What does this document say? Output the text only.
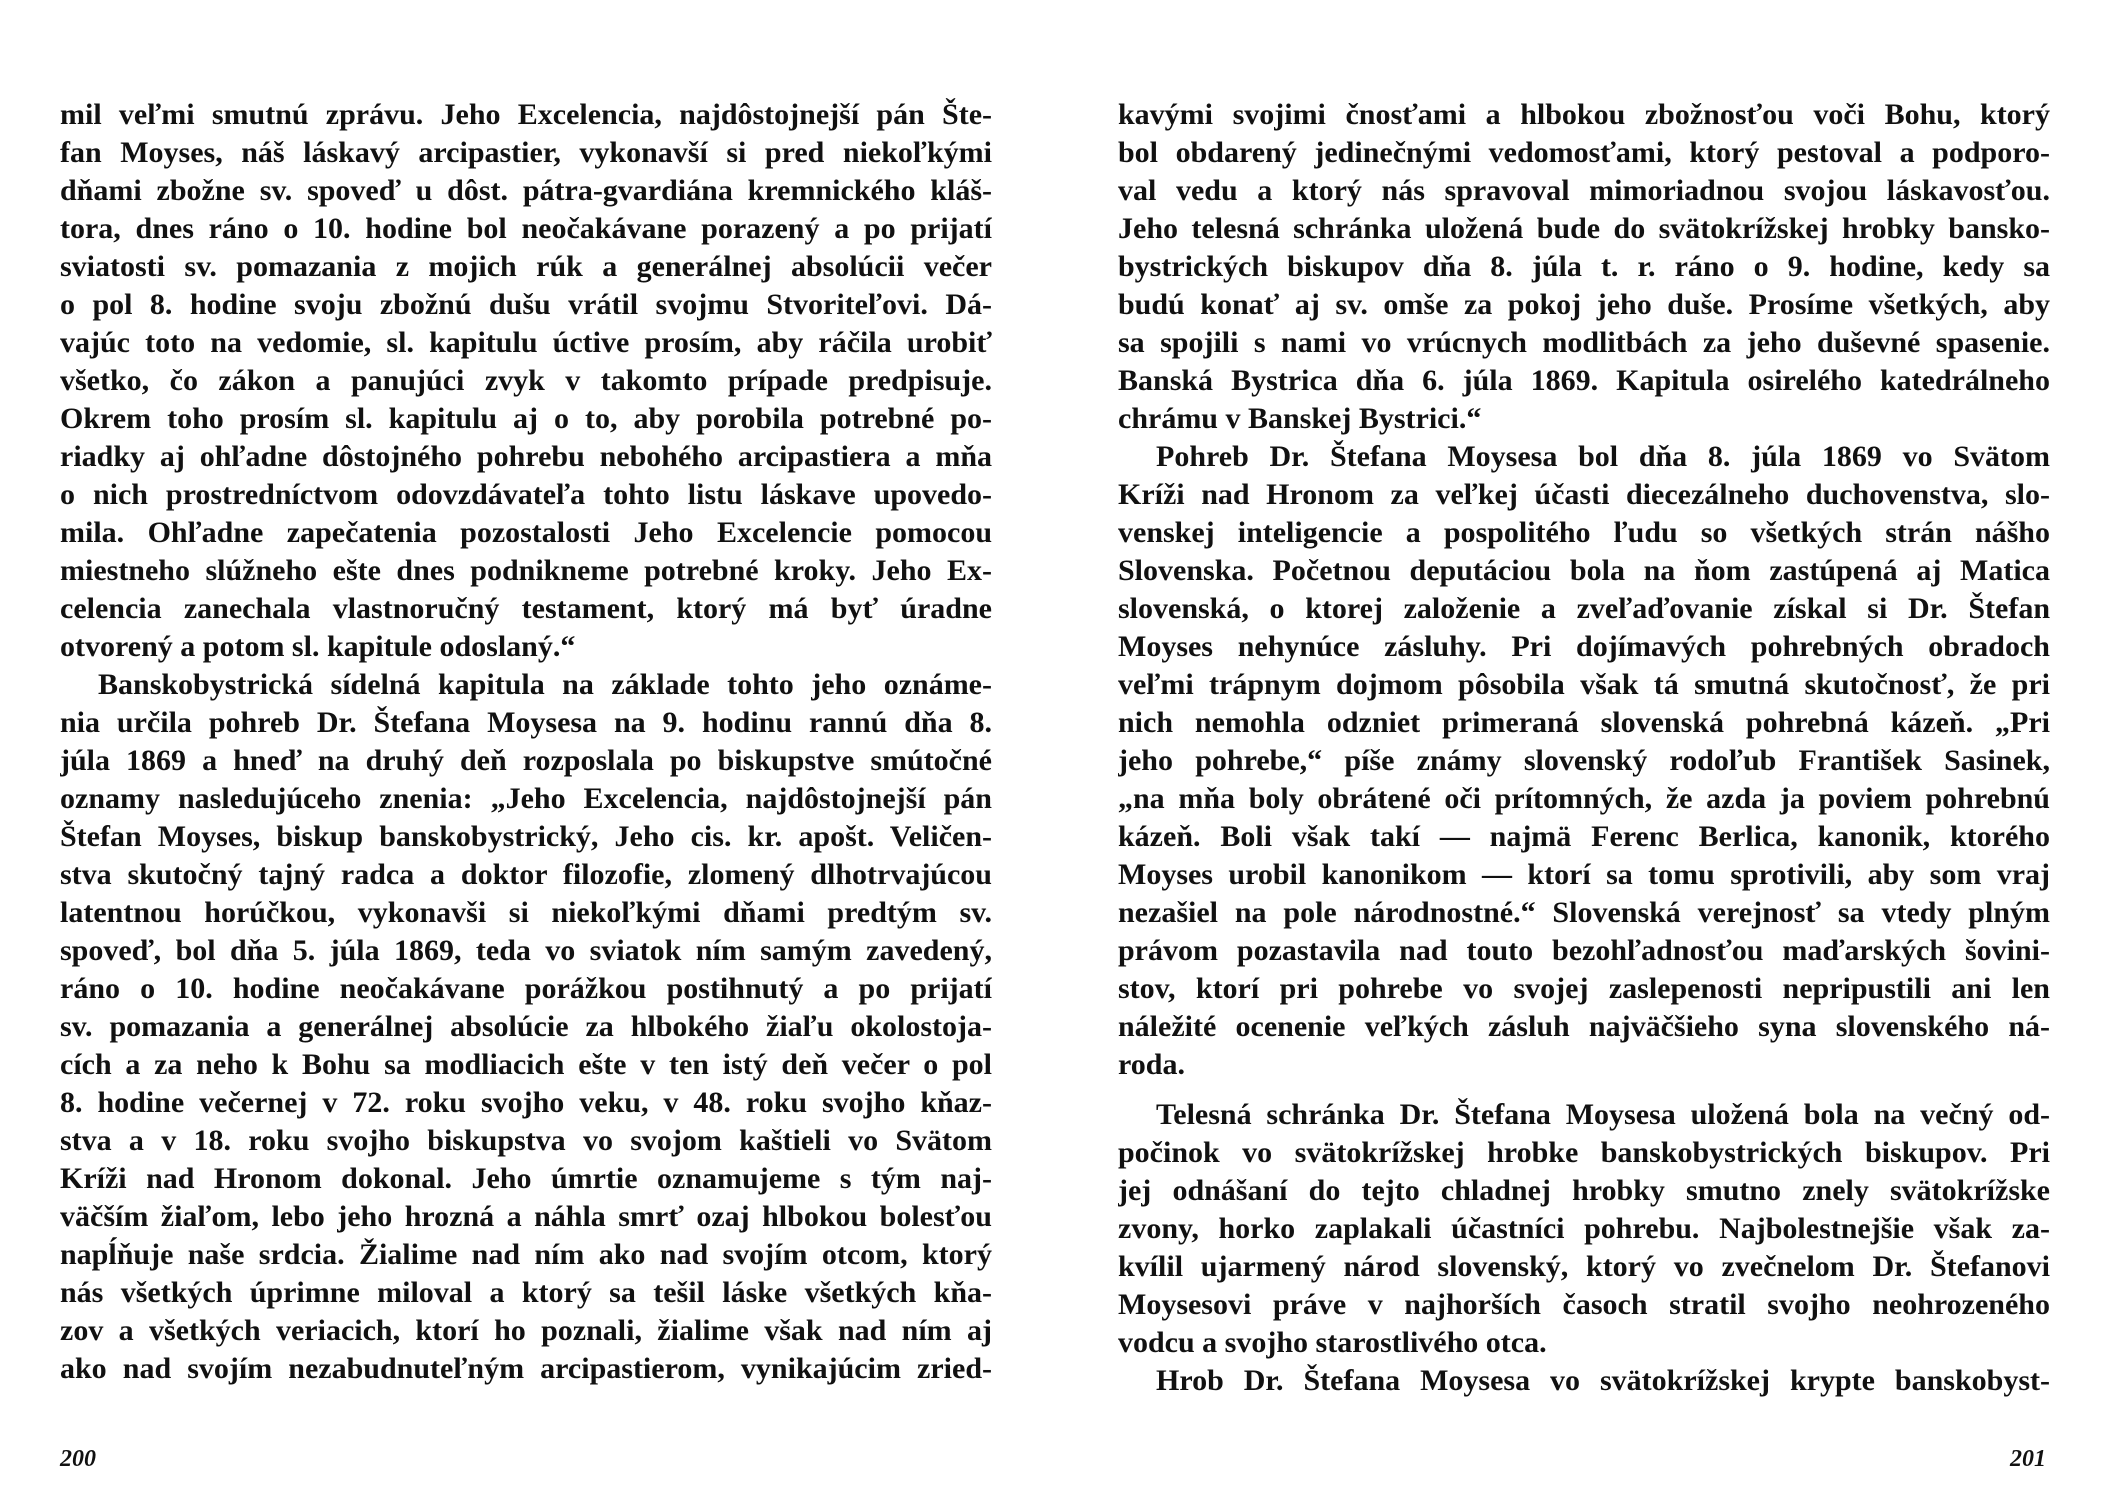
mil veľmi smutnú zprávu. Jeho Excelencia, najdôstojnejší pán Šte-
fan Moyses, náš láskavý arcipastier, vykonavší si pred niekoľkými
dňami zbožne sv. spoveď u dôst. pátra-gvardiána kremnického kláš-
tora, dnes ráno o 10. hodine bol neočakávane porazený a po prijatí
sviatosti sv. pomazania z mojich rúk a generálnej absolúcii večer
o pol 8. hodine svoju zbožnú dušu vrátil svojmu Stvoriteľovi. Dá-
vajúc toto na vedomie, sl. kapitulu úctive prosím, aby ráčila urobiť
všetko, čo zákon a panujúci zvyk v takomto prípade predpisuje.
Okrem toho prosím sl. kapitulu aj o to, aby porobila potrebné po-
riadky aj ohľadne dôstojného pohrebu nebohého arcipastiera a mňa
o nich prostredníctvom odovzdávateľa tohto listu láskave upovedo-
mila. Ohľadne zapečatenia pozostalosti Jeho Excelencie pomocou
miestneho slúžneho ešte dnes podnikneme potrebné kroky. Jeho Ex-
celencia zanechala vlastnoručný testament, ktorý má byť úradne
otvorený a potom sl. kapitule odoslaný.“
Banskobystrická sídelná kapitula na základe tohto jeho oznáme-
nia určila pohreb Dr. Štefana Moysesa na 9. hodinu rannú dňa 8.
júla 1869 a hneď na druhý deň rozposlala po biskupstve smútočné
oznamy nasledujúceho znenia: „Jeho Excelencia, najdôstojnejší pán
Štefan Moyses, biskup banskobystrický, Jeho cis. kr. apošt. Veličen-
stva skutočný tajný radca a doktor filozofie, zlomený dlhotrvajúcou
latentnou horúčkou, vykonavši si niekoľkými dňami predtým sv.
spoveď, bol dňa 5. júla 1869, teda vo sviatok ním samým zavedený,
ráno o 10. hodine neočakávane porážkou postihnutý a po prijatí
sv. pomazania a generálnej absolúcie za hlbokého žiaľu okolostoja-
cích a za neho k Bohu sa modliacich ešte v ten istý deň večer o pol
8. hodine večernej v 72. roku svojho veku, v 48. roku svojho kňaz-
stva a v 18. roku svojho biskupstva vo svojom kaštieli vo Svätom
Kríži nad Hronom dokonal. Jeho úmrtie oznamujeme s tým naj-
väčším žiaľom, lebo jeho hrozná a náhla smrť ozaj hlbokou bolesťou
napĺňuje naše srdcia. Žialime nad ním ako nad svojím otcom, ktorý
nás všetkých úprimne miloval a ktorý sa tešil láske všetkých kňa-
zov a všetkých veriacich, ktorí ho poznali, žialime však nad ním aj
ako nad svojím nezabudnuteľným arcipastierom, vynikajúcim zried-
kavými svojimi čnosťami a hlbokou zbožnosťou voči Bohu, ktorý
bol obdarený jedinečnými vedomosťami, ktorý pestoval a podporo-
val vedu a ktorý nás spravoval mimoriadnou svojou láskavosťou.
Jeho telesná schránka uložená bude do svätokrížskej hrobky bansko-
bystrických biskupov dňa 8. júla t. r. ráno o 9. hodine, kedy sa
budú konať aj sv. omše za pokoj jeho duše. Prosíme všetkých, aby
sa spojili s nami vo vrúcnych modlitbách za jeho duševné spasenie.
Banská Bystrica dňa 6. júla 1869. Kapitula osirelého katedrálneho
chrámu v Banskej Bystrici.“
Pohreb Dr. Štefana Moysesa bol dňa 8. júla 1869 vo Svätom
Kríži nad Hronom za veľkej účasti diecezálneho duchovenstva, slo-
venskej inteligencie a pospolitého ľudu so všetkých strán nášho
Slovenska. Početnou deputáciou bola na ňom zastúpená aj Matica
slovenská, o ktorej založenie a zveľaďovanie získal si Dr. Štefan
Moyses nehynúce zásluhy. Pri dojímavých pohrebných obradoch
veľmi trápnym dojmom pôsobila však tá smutná skutočnosť, že pri
nich nemohla odzniet primeraná slovenská pohrebná kázeň. „Pri
jeho pohrebe,“ píše známy slovenský rodoľub František Sasinek,
„na mňa boly obrátené oči prítomných, že azda ja poviem pohrebnú
kázeň. Boli však takí — najmä Ferenc Berlica, kanonik, ktorého
Moyses urobil kanonikom — ktorí sa tomu sprotivili, aby som vraj
nezašiel na pole národnostné.“ Slovenská verejnosť sa vtedy plným
právom pozastavila nad touto bezohľadnosťou maďarských šovini-
stov, ktorí pri pohrebe vo svojej zaslepenosti nepripustili ani len
náležité ocenenie veľkých zásluh najväčšieho syna slovenského ná-
roda.
Telesná schránka Dr. Štefana Moysesa uložená bola na večný od-
počinok vo svätokrížskej hrobke banskobystrických biskupov. Pri
jej odnášaní do tejto chladnej hrobky smutno znely svätokrížske
zvony, horko zaplakali účastníci pohrebu. Najbolestnejšie však za-
kvílil ujarmený národ slovenský, ktorý vo zvečnelom Dr. Štefanovi
Moysesovi práve v najhorších časoch stratil svojho neohrozeného
vodcu a svojho starostlivého otca.
Hrob Dr. Štefana Moysesa vo svätokrížskej krypte banskobyst-
200	201
